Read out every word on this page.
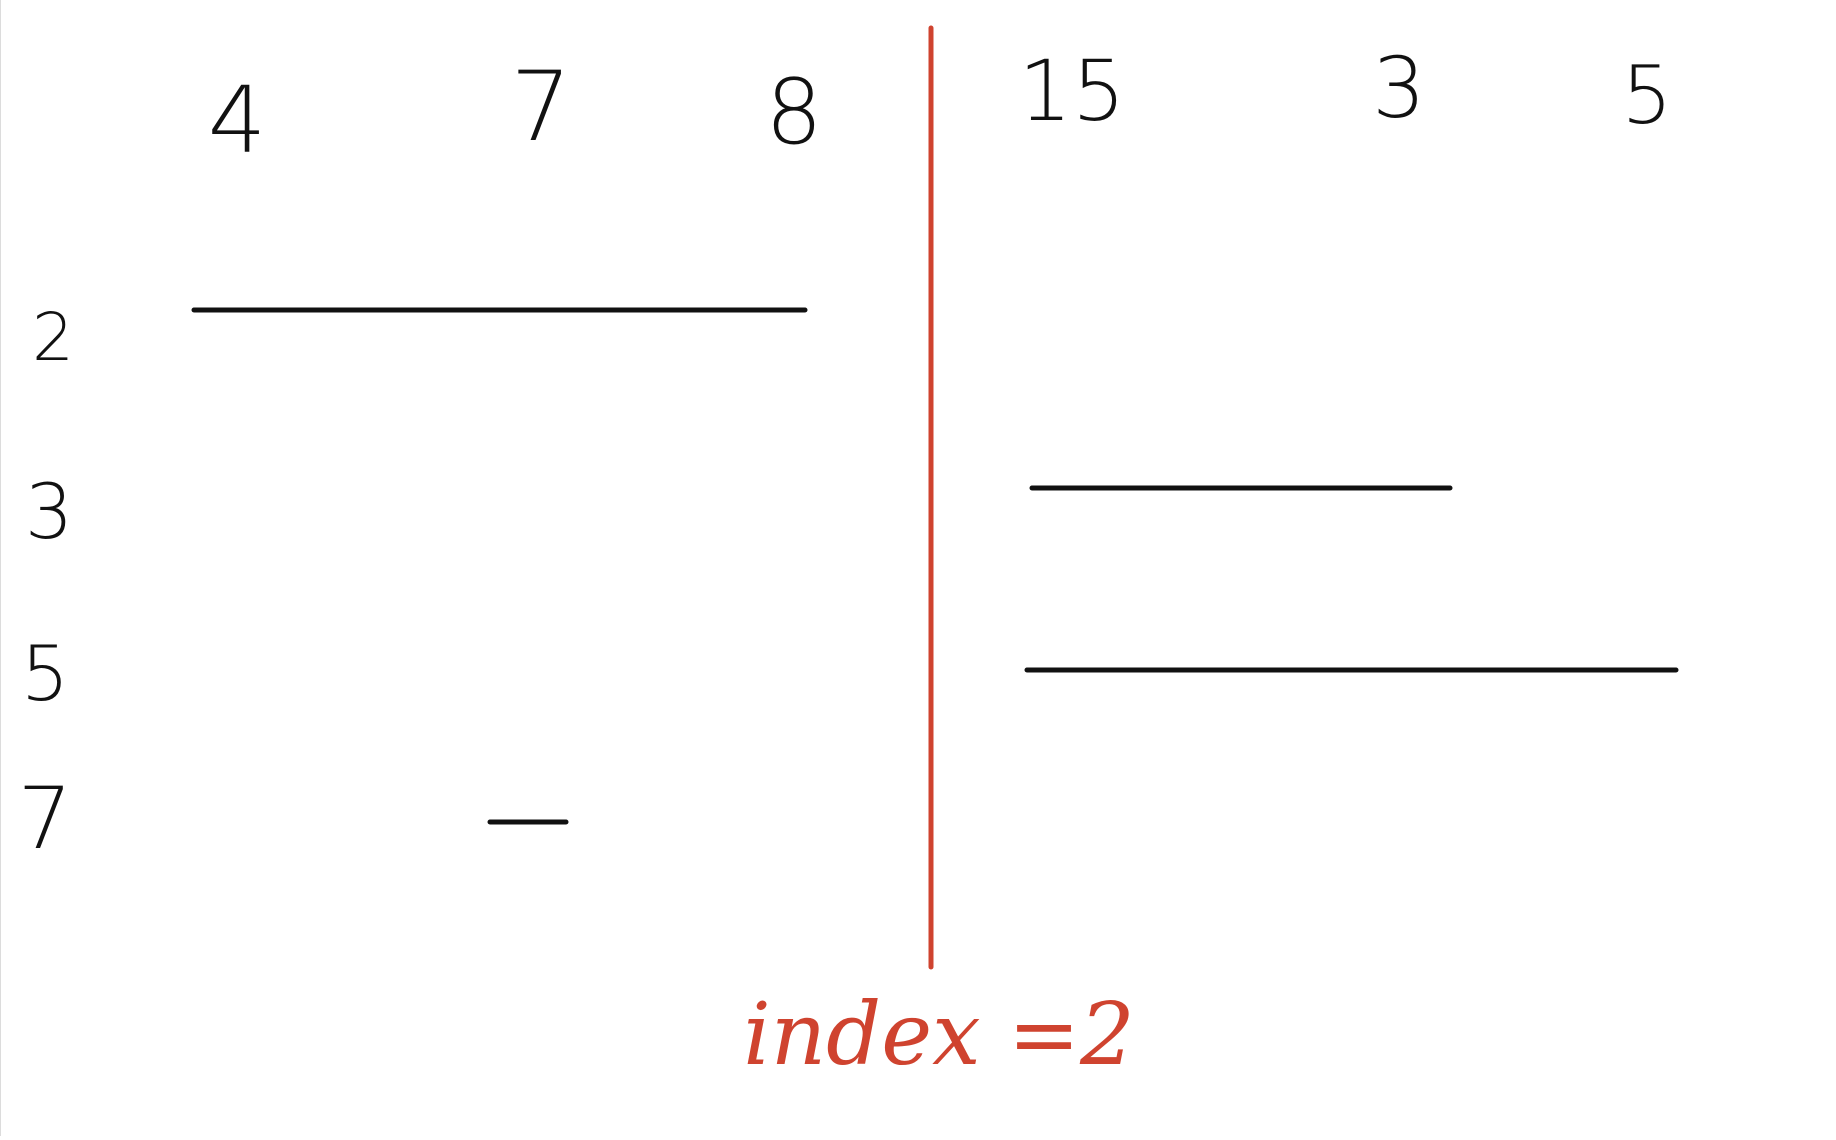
4	7 8
2
3
5
7
15	3 5
index =2
